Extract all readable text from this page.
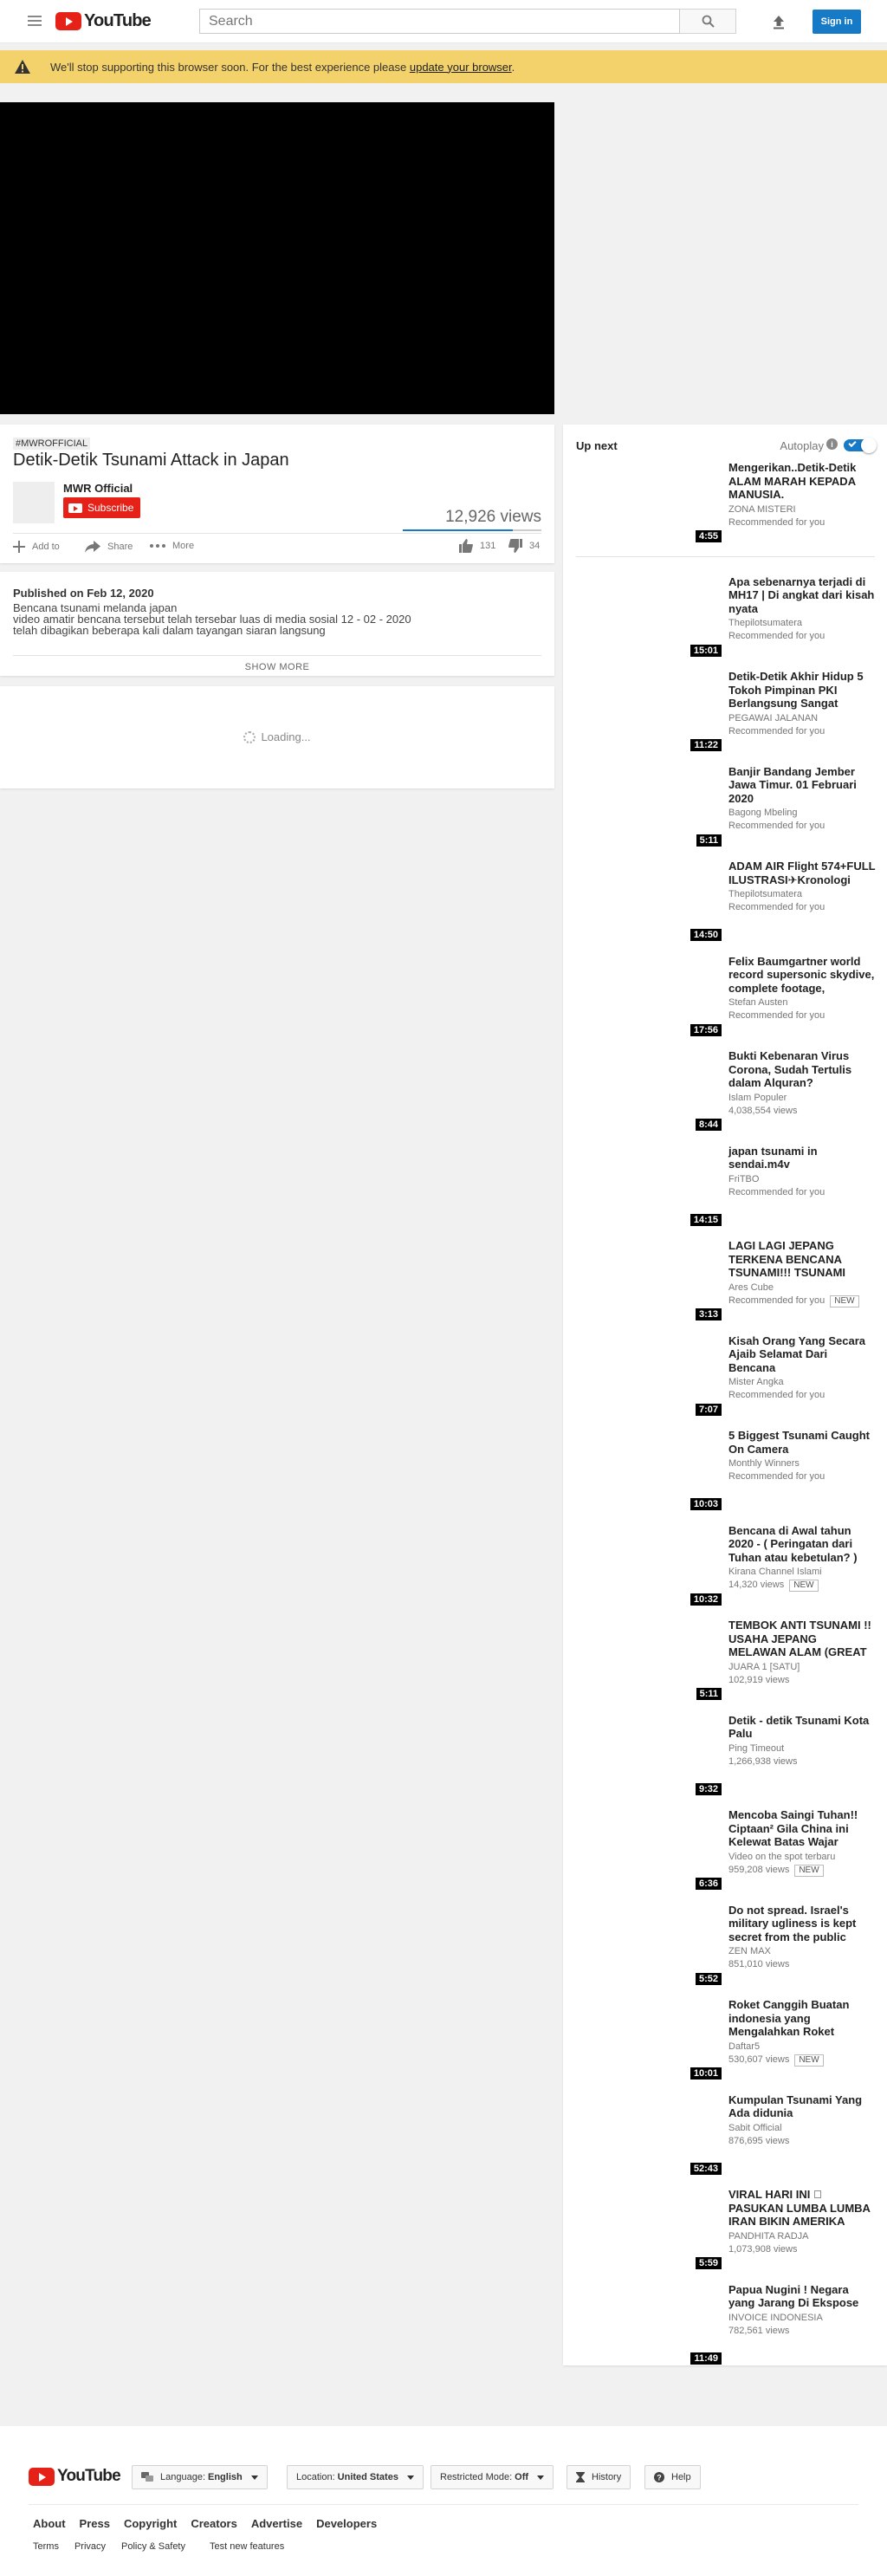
YouTube
Search	Sign in
We'll stop supporting this browser soon. For the best experience please update your browser.
#MWROFFICIAL
Detik-Detik Tsunami Attack in Japan
MWR Official
Subscribe	12,926 views
Add to	Share	More	131	34
Published on Feb 12, 2020
Bencana tsunami melanda japan
video amatir bencana tersebut telah tersebar luas di media sosial 12 - 02 - 2020
telah dibagikan beberapa kali dalam tayangan siaran langsung
SHOW MORE
Loading...
Up next	Autoplay i
4:55
Mengerikan..Detik-Detik ALAM MARAH KEPADA MANUSIA.
ZONA MISTERI
Recommended for you
15:01
Apa sebenarnya terjadi di MH17 | Di angkat dari kisah nyata
Thepilotsumatera
Recommended for you
11:22
Detik-Detik Akhir Hidup 5 Tokoh Pimpinan PKI Berlangsung Sangat
PEGAWAI JALANAN
Recommended for you
5:11
Banjir Bandang Jember Jawa Timur. 01 Februari 2020
Bagong Mbeling
Recommended for you
14:50
ADAM AIR Flight 574+FULL ILUSTRASI✈Kronologi
Thepilotsumatera
Recommended for you
17:56
Felix Baumgartner world record supersonic skydive, complete footage,
Stefan Austen
Recommended for you
8:44
Bukti Kebenaran Virus Corona, Sudah Tertulis dalam Alquran?
Islam Populer
4,038,554 views
14:15
japan tsunami in sendai.m4v
FriTBO
Recommended for you
3:13
LAGI LAGI JEPANG TERKENA BENCANA TSUNAMI!!! TSUNAMI
Ares Cube
Recommended for you NEW
7:07
Kisah Orang Yang Secara Ajaib Selamat Dari Bencana
Mister Angka
Recommended for you
10:03
5 Biggest Tsunami Caught On Camera
Monthly Winners
Recommended for you
10:32
Bencana di Awal tahun 2020 - ( Peringatan dari Tuhan atau kebetulan? )
Kirana Channel Islami
14,320 views NEW
5:11
TEMBOK ANTI TSUNAMI !! USAHA JEPANG MELAWAN ALAM (GREAT
JUARA 1 [SATU]
102,919 views
9:32
Detik - detik Tsunami Kota Palu
Ping Timeout
1,266,938 views
6:36
Mencoba Saingi Tuhan!! Ciptaan² Gila China ini Kelewat Batas Wajar
Video on the spot terbaru
959,208 views NEW
5:52
Do not spread. Israel's military ugliness is kept secret from the public
ZEN MAX
851,010 views
10:01
Roket Canggih Buatan indonesia yang Mengalahkan Roket
Daftar5
530,607 views NEW
52:43
Kumpulan Tsunami Yang Ada didunia
Sabit Official
876,695 views
5:59
VIRAL HARI INI ⃣ PASUKAN LUMBA LUMBA IRAN BIKIN AMERIKA
PANDHITA RADJA
1,073,908 views
11:49
Papua Nugini ! Negara yang Jarang Di Ekspose
INVOICE INDONESIA
782,561 views
YouTube	Language: English	Location: United States	Restricted Mode: Off	History	? Help
About Press Copyright Creators Advertise Developers
Terms Privacy Policy & Safety	Test new features
